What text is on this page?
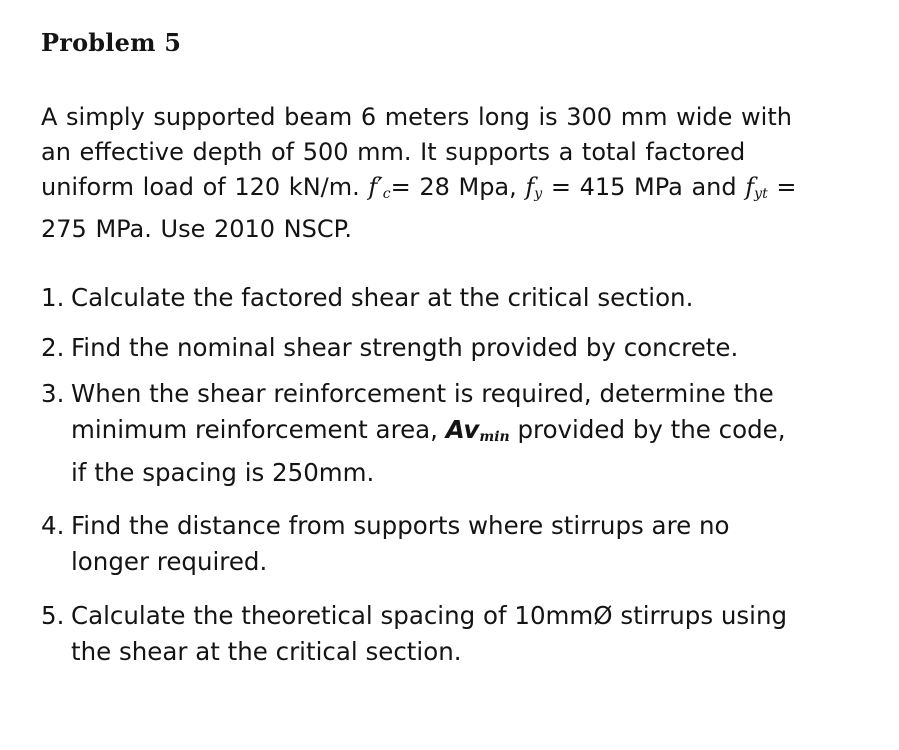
Problem 5
A simply supported beam 6 meters long is 300 mm wide with
an effective depth of 500 mm. It supports a total factored
uniform load of 120 kN/m. f′c= 28 Mpa, fy = 415 MPa and fyt =
275 MPa. Use 2010 NSCP.
1. Calculate the factored shear at the critical section.
2. Find the nominal shear strength provided by concrete.
3. When the shear reinforcement is required, determine the
minimum reinforcement area, Avmin provided by the code,
if the spacing is 250mm.
4. Find the distance from supports where stirrups are no
longer required.
5. Calculate the theoretical spacing of 10mmØ stirrups using
the shear at the critical section.
